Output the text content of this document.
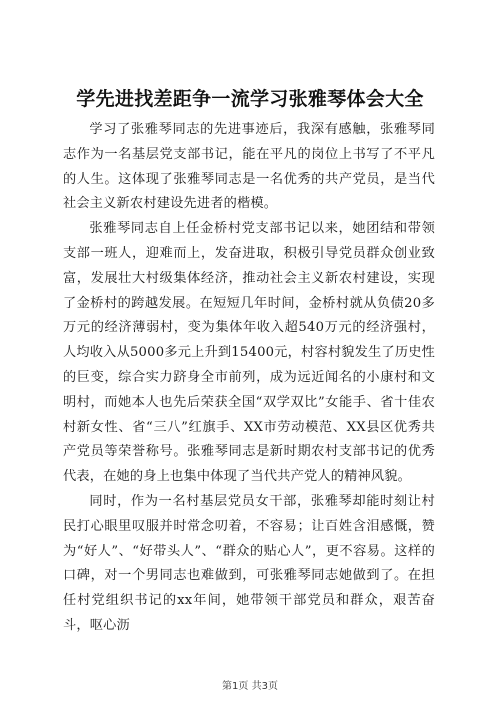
学先进找差距争一流学习张雅琴体会大全

学习了张雅琴同志的先进事迹后，我深有感触，张雅琴同志作为一名基层党支部书记，能在平凡的岗位上书写了不平凡的人生。这体现了张雅琴同志是一名优秀的共产党员，是当代社会主义新农村建设先进者的楷模。

张雅琴同志自上任金桥村党支部书记以来，她团结和带领支部一班人，迎难而上，发奋进取，积极引导党员群众创业致富，发展壮大村级集体经济，推动社会主义新农村建设，实现了金桥村的跨越发展。在短短几年时间，金桥村就从负债20多万元的经济薄弱村，变为集体年收入超540万元的经济强村，人均收入从5000多元上升到15400元，村容村貌发生了历史性的巨变，综合实力跻身全市前列，成为远近闻名的小康村和文明村，而她本人也先后荣获全国“双学双比”女能手、省十佳农村新女性、省“三八”红旗手、XX市劳动模范、XX县区优秀共产党员等荣誉称号。张雅琴同志是新时期农村支部书记的优秀代表，在她的身上也集中体现了当代共产党人的精神风貌。

同时，作为一名村基层党员女干部，张雅琴却能时刻让村民打心眼里叹服并时常念叨着，不容易；让百姓含泪感慨，赞为“好人”、“好带头人”、“群众的贴心人”，更不容易。这样的口碑，对一个男同志也难做到，可张雅琴同志她做到了。在担任村党组织书记的xx年间，她带领干部党员和群众，艰苦奋斗，呕心沥

第1页 共3页
